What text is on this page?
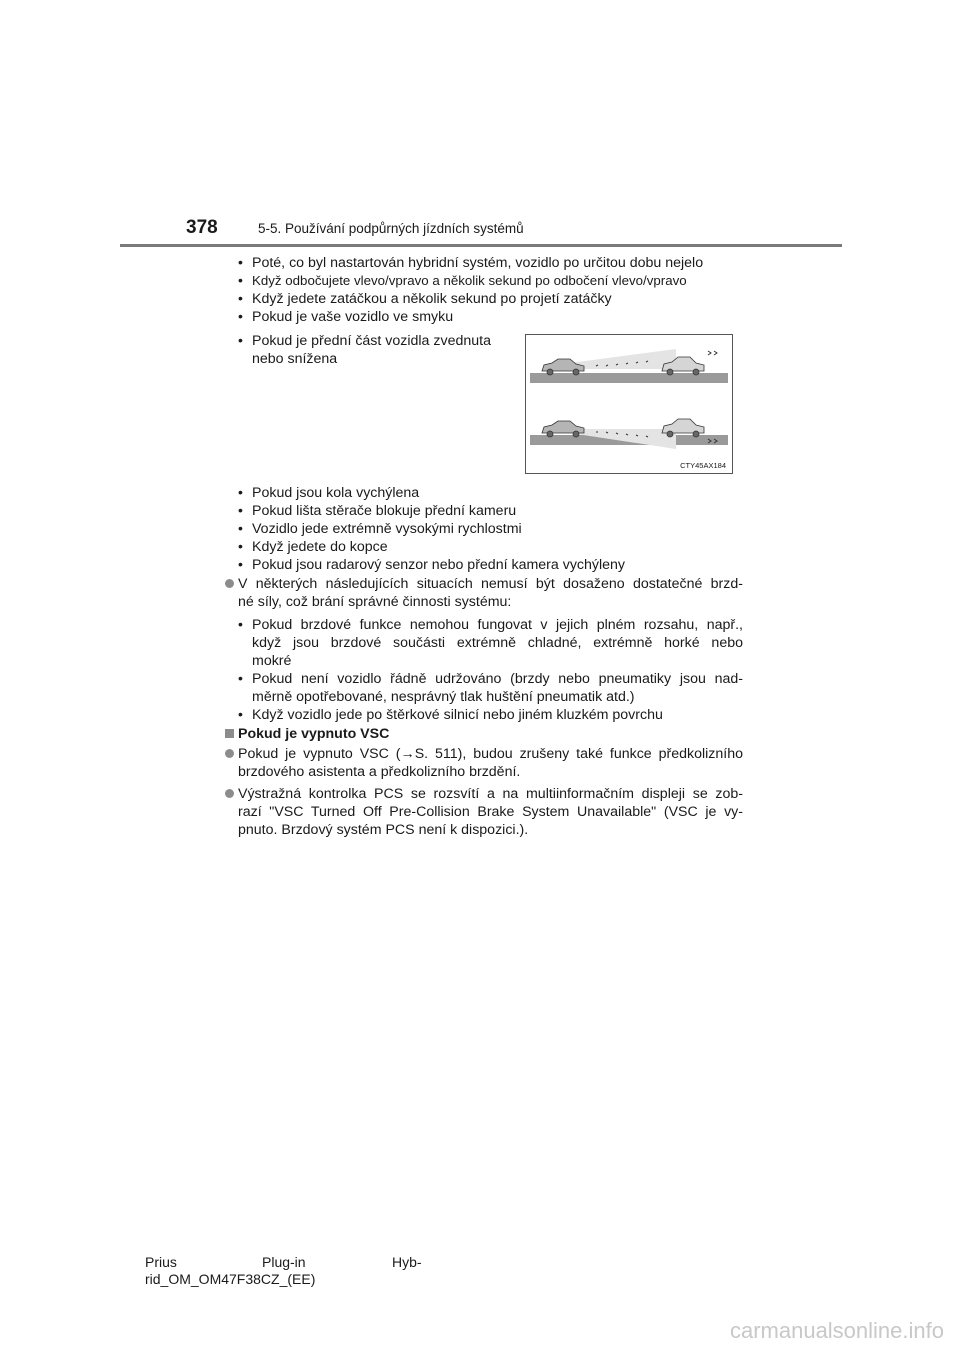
378	5-5. Používání podpůrných jízdních systémů
• Poté, co byl nastartován hybridní systém, vozidlo po určitou dobu nejelo
• Když odbočujete vlevo/vpravo a několik sekund po odbočení vlevo/vpravo
• Když jedete zatáčkou a několik sekund po projetí zatáčky
• Pokud je vaše vozidlo ve smyku
• Pokud je přední část vozidla zvednuta
nebo snížena
CTY45AX184
• Pokud jsou kola vychýlena
• Pokud lišta stěrače blokuje přední kameru
• Vozidlo jede extrémně vysokými rychlostmi
• Když jedete do kopce
• Pokud jsou radarový senzor nebo přední kamera vychýleny
V některých následujících situacích nemusí být dosaženo dostatečné brzd-
né síly, což brání správné činnosti systému:
• Pokud brzdové funkce nemohou fungovat v jejich plném rozsahu, např.,
když jsou brzdové součásti extrémně chladné, extrémně horké nebo
mokré
• Pokud není vozidlo řádně udržováno (brzdy nebo pneumatiky jsou nad-
měrně opotřebované, nesprávný tlak huštění pneumatik atd.)
• Když vozidlo jede po štěrkové silnicí nebo jiném kluzkém povrchu
Pokud je vypnuto VSC
Pokud je vypnuto VSC (→S. 511), budou zrušeny také funkce předkolizního
brzdového asistenta a předkolizního brzdění.
Výstražná kontrolka PCS se rozsvítí a na multiinformačním displeji se zob-
razí "VSC Turned Off Pre-Collision Brake System Unavailable" (VSC je vy-
pnuto. Brzdový systém PCS není k dispozici.).
Prius	Plug-in	Hyb-
rid_OM_OM47F38CZ_(EE)
carmanualsonline.info
